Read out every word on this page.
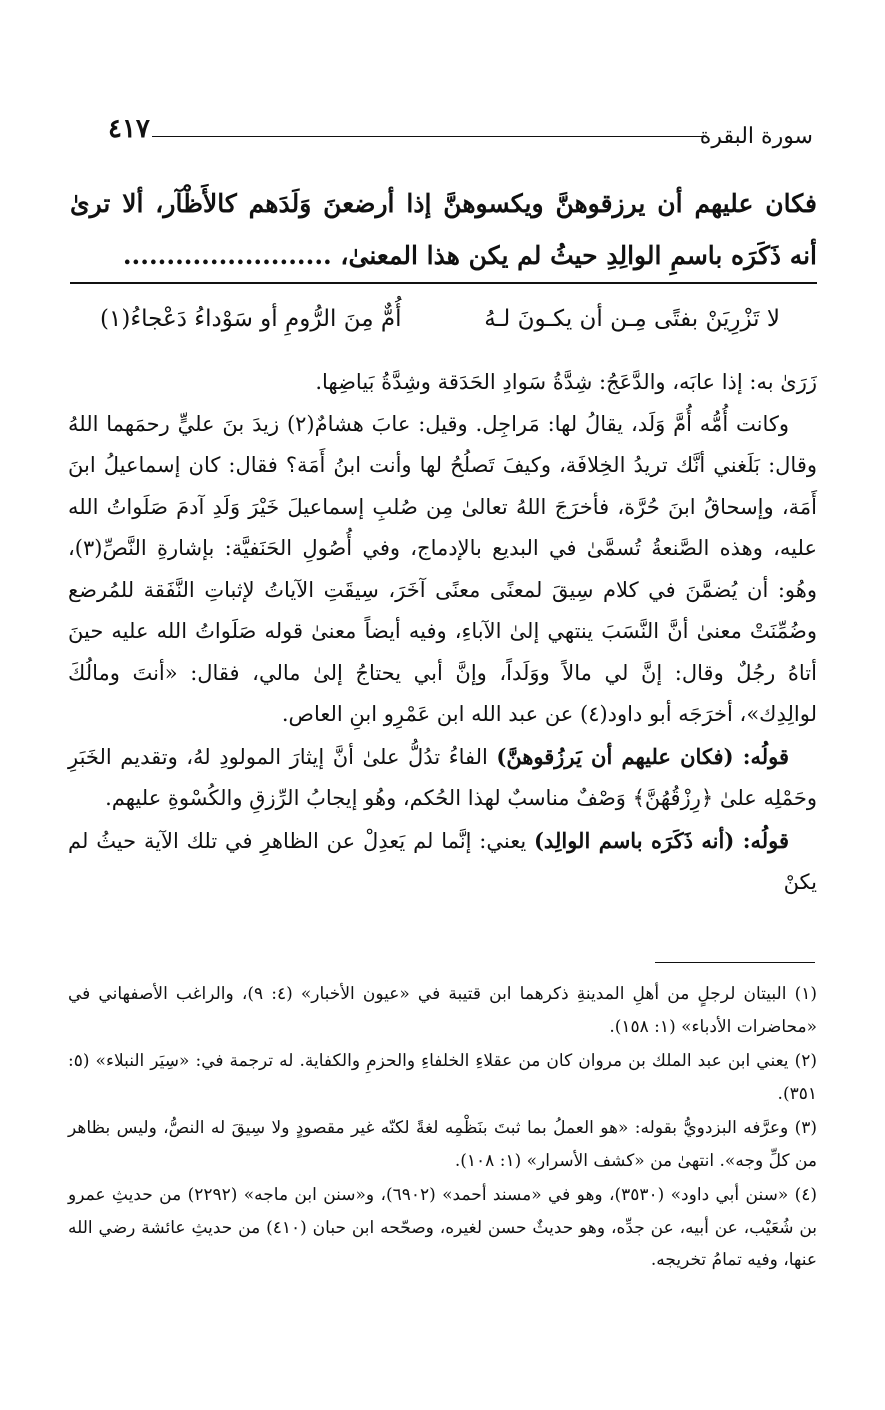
سورة البقرة
٤١٧
فكان عليهم أن يرزقوهنَّ ويكسوهنَّ إذا أرضعنَ وَلَدَهم كالأَظْآر، ألا ترىٰ أنه ذَكَرَه باسمِ الوالِدِ حيثُ لم يكن هذا المعنىٰ، ........................
لا تَزْرِيَنْ بفتًى مِـن أن يكـونَ لـهُ
أُمٌّ مِنَ الرُّومِ أو سَوْداءُ دَعْجاءُ(١)

زَرَىٰ به: إذا عابَه، والدَّعَجُ: شِدَّةُ سَوادِ الحَدَقة وشِدَّةُ بَياضِها.

وكانت أُمُّه أُمَّ وَلَد، يقالُ لها: مَراجِل. وقيل: عابَ هشامٌ(٢) زيدَ بنَ عليٍّ رحمَهما اللهُ وقال: بَلَغني أنَّك تريدُ الخِلافَة، وكيفَ تَصلُحُ لها وأنت ابنُ أَمَة؟ فقال: كان إسماعيلُ ابنَ أَمَة، وإسحاقُ ابنَ حُرَّة، فأخرَجَ اللهُ تعالىٰ مِن صُلبِ إسماعيلَ خَيْرَ وَلَدِ آدمَ صَلَواتُ الله عليه، وهذه الصَّنعةُ تُسمَّىٰ في البديع بالإدماج، وفي أُصُولِ الحَنَفيَّة: بإشارةِ النَّصِّ(٣)، وهُو: أن يُضمَّنَ في كلام سِيقَ لمعنًى معنًى آخَرَ، سِيقَتِ الآياتُ لإثباتِ النَّفَقة للمُرضع وضُمِّنَتْ معنىٰ أنَّ النَّسَبَ ينتهي إلىٰ الآباءِ، وفيه أيضاً معنىٰ قوله صَلَواتُ الله عليه حينَ أتاهُ رجُلٌ وقال: إنَّ لي مالاً ووَلَداً، وإنَّ أبي يحتاجُ إلىٰ مالي، فقال: «أنتَ ومالُكَ لوالِدِك»، أخرَجَه أبو داود(٤) عن عبد الله ابن عَمْرِو ابنِ العاص.

قولُه: (فكان عليهم أن يَرزُقوهنَّ) الفاءُ تدُلُّ علىٰ أنَّ إيثارَ المولودِ لهُ، وتقديم الخَبَرِ وحَمْلِه علىٰ ﴿رِزْقُهُنَّ﴾ وَصْفٌ مناسبٌ لهذا الحُكم، وهُو إيجابُ الرِّزقِ والكُسْوةِ عليهم.

قولُه: (أنه ذَكَرَه باسم الوالِد) يعني: إنَّما لم يَعدِلْ عن الظاهرِ في تلك الآية حيثُ لم يكنْ

(١) البيتان لرجلٍ من أهلِ المدينةِ ذكرهما ابن قتيبة في «عيون الأخبار» (٤: ٩)، والراغب الأصفهاني في «محاضرات الأدباء» (١: ١٥٨).

(٢) يعني ابن عبد الملك بن مروان كان من عقلاءِ الخلفاءِ والحزمِ والكفاية. له ترجمة في: «سِيَر النبلاء» (٥: ٣٥١).

(٣) وعرَّفه البزدويُّ بقوله: «هو العملُ بما ثبتَ بنَظْمِه لغةً لكنّه غير مقصودٍ ولا سِيقَ له النصُّ، وليس بظاهر من كلِّ وجه». انتهىٰ من «كشف الأسرار» (١: ١٠٨).

(٤) «سنن أبي داود» (٣٥٣٠)، وهو في «مسند أحمد» (٦٩٠٢)، و«سنن ابن ماجه» (٢٢٩٢) من حديثِ عمرو بن شُعَيْب، عن أبيه، عن جدِّه، وهو حديثٌ حسن لغيره، وصحّحه ابن حبان (٤١٠) من حديثِ عائشة رضي الله عنها، وفيه تمامُ تخريجه.
